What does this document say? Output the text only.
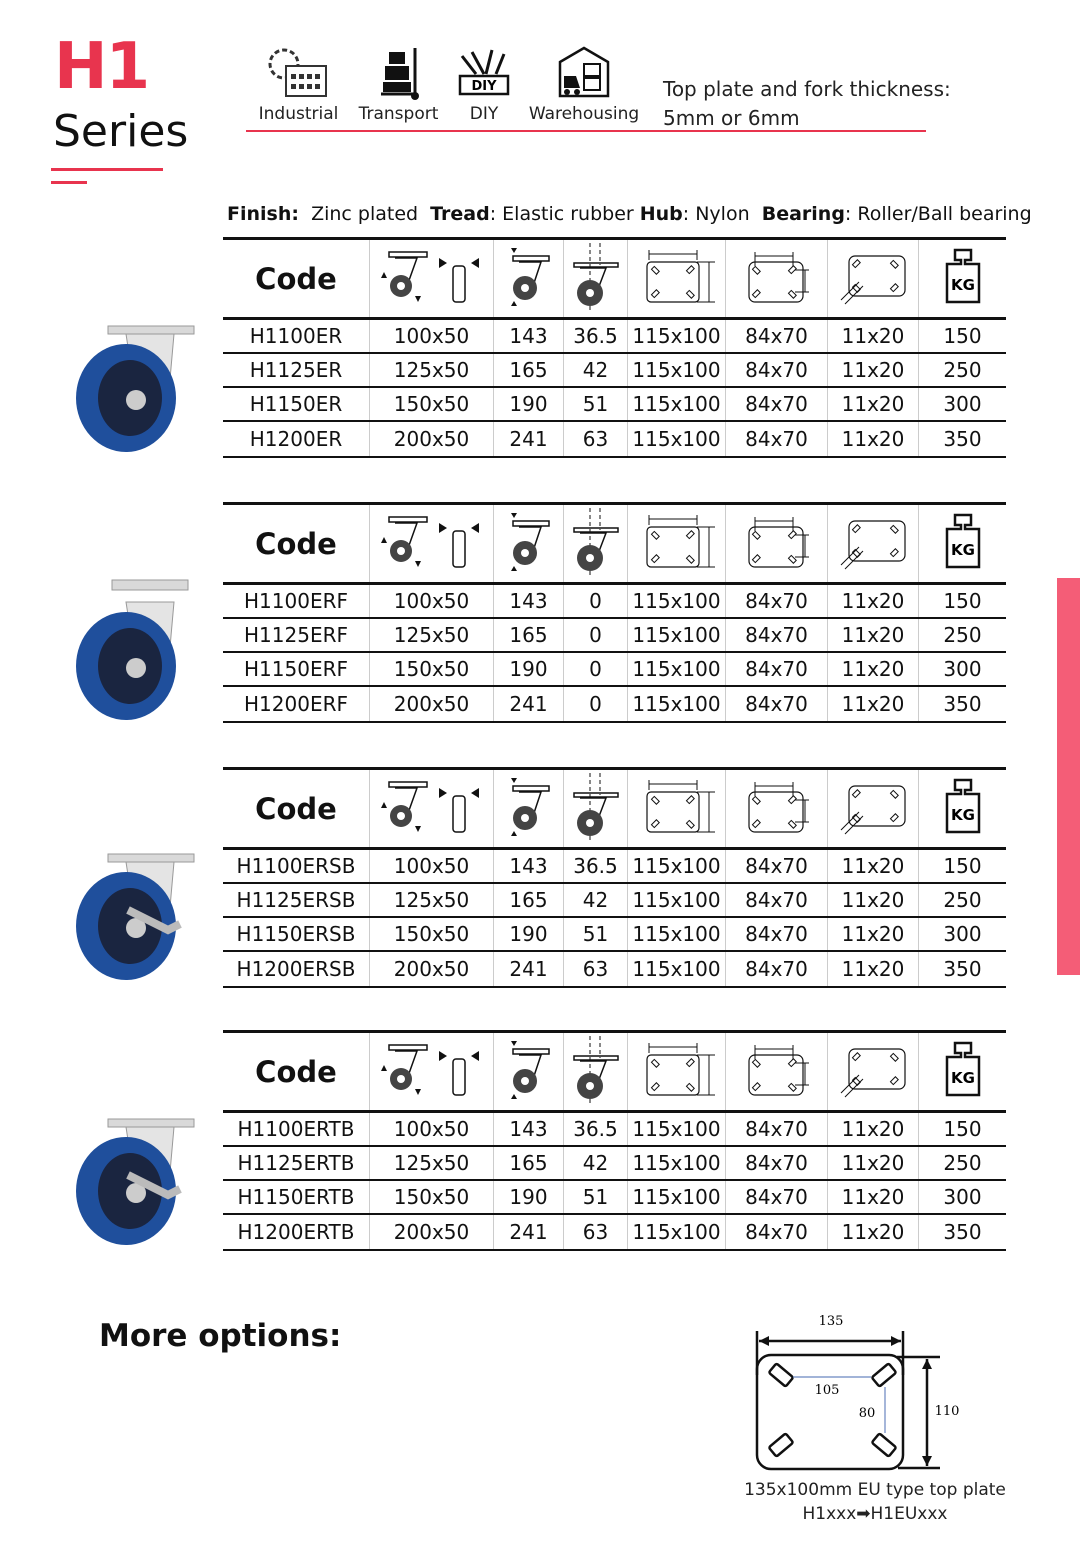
H1
Series	Industrial Transport
DIY
DIY	Warehousing
Top plate and fork thickness:
5mm or 6mm
Finish: Zinc plated Tread: Elastic rubber Hub: Nylon Bearing: Roller/Ball bearing
Code	KG
H1100ER	100x50	143	36.5 115x100	84x70	11x20	150
H1125ER	125x50	165	42	115x100	84x70	11x20	250
H1150ER	150x50	190	51	115x100	84x70	11x20	300
H1200ER	200x50	241	63	115x100	84x70	11x20	350
Code	KG
H1100ERF	100x50	143	0	115x100	84x70	11x20	150
H1125ERF	125x50	165	0	115x100	84x70	11x20	250
H1150ERF	150x50	190	0	115x100	84x70	11x20	300
H1200ERF	200x50	241	0	115x100	84x70	11x20	350
Code	KG
H1100ERSB	100x50	143	36.5 115x100	84x70	11x20	150
H1125ERSB	125x50	165	42	115x100	84x70	11x20	250
H1150ERSB	150x50	190	51	115x100	84x70	11x20	300
H1200ERSB	200x50	241	63	115x100	84x70	11x20	350
Code	KG
H1100ERTB	100x50	143	36.5 115x100	84x70	11x20	150
H1125ERTB	125x50	165	42	115x100	84x70	11x20	250
H1150ERTB	150x50	190	51	115x100	84x70	11x20	300
H1200ERTB	200x50	241	63	115x100	84x70	11x20	350
More options:	135
110
105
80
135x100mm EU type top plate
H1xxx➡H1EUxxx
